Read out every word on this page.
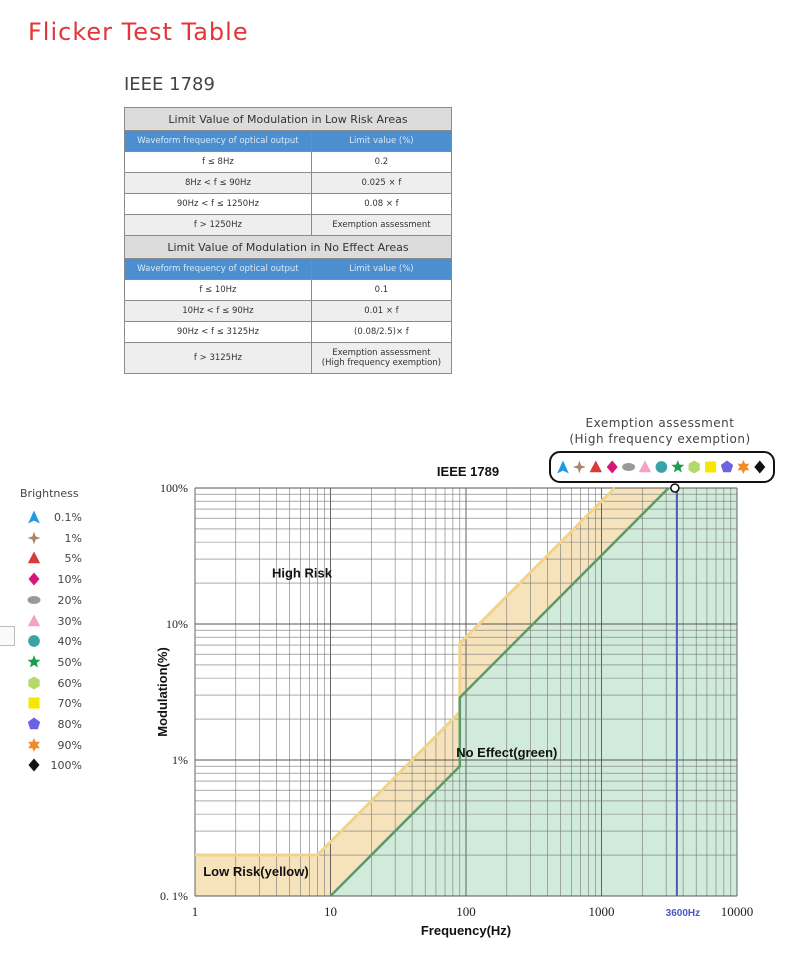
Flicker Test Table
IEEE 1789
Limit Value of Modulation in Low Risk Areas	
Waveform frequency of optical output	Limit value (%)
f ≤ 8Hz	0.2
8Hz < f ≤ 90Hz	0.025 × f
90Hz < f ≤ 1250Hz	0.08 × f
f > 1250Hz	Exemption assessment
Limit Value of Modulation in No Effect Areas	
Waveform frequency of optical output	Limit value (%)
f ≤ 10Hz	0.1
10Hz < f ≤ 90Hz	0.01 × f
90Hz < f ≤ 3125Hz	(0.08/2.5)× f
f > 3125Hz	Exemption assessment
(High frequency exemption)
Exemption assessment
(High frequency exemption)
Brightness
0.1%
1%
5%
10%
20%
30%
40%
50%
60%
70%
80%
90%
100%
3600Hz
1	10	100	1000	10000
0. 1%
1%
10%
100%
IEEE 1789
Frequency(Hz)
Modulation(%)
High Risk
Low Risk(yellow)
No Effect(green)
